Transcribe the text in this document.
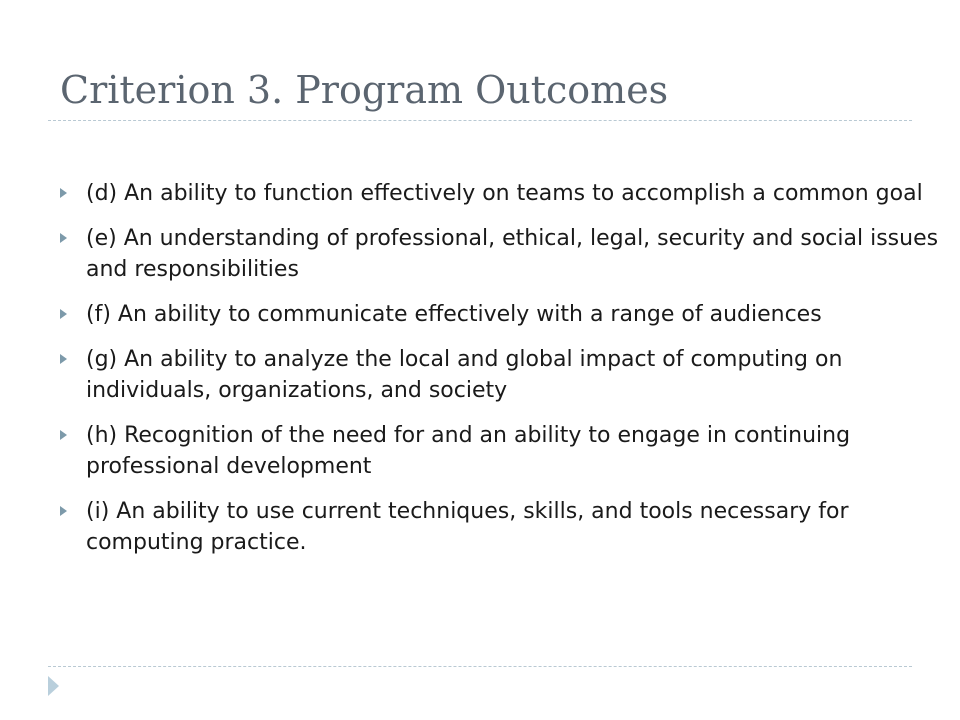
Criterion 3. Program Outcomes
(d) An ability to function effectively on teams to accomplish a common goal
(e) An understanding of professional, ethical, legal, security and social issues and responsibilities
(f) An ability to communicate effectively with a range of audiences
(g) An ability to analyze the local and global impact of computing on individuals, organizations, and society
(h) Recognition of the need for and an ability to engage in continuing professional development
(i) An ability to use current techniques, skills, and tools necessary for computing practice.
